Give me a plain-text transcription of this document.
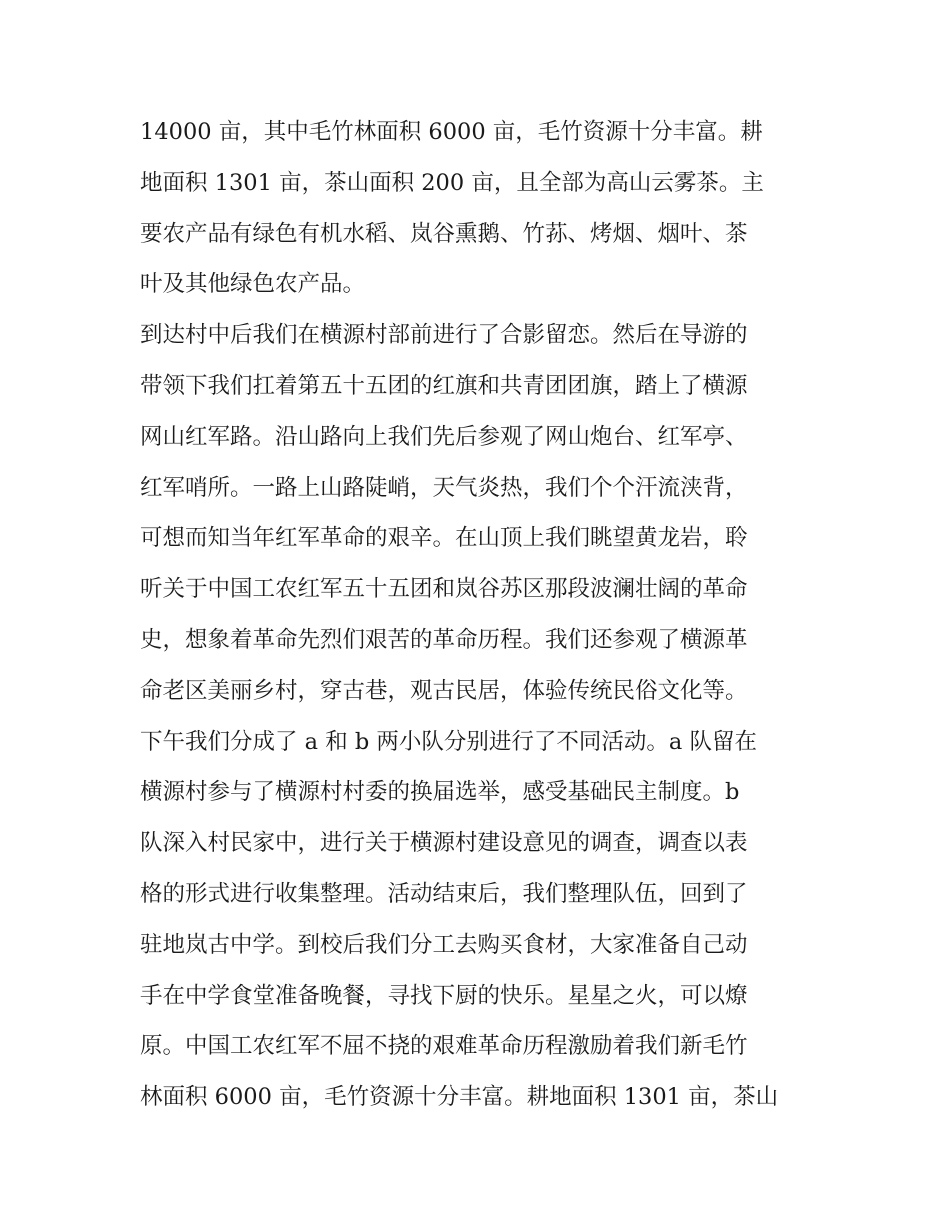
14000 亩，其中毛竹林面积 6000 亩，毛竹资源十分丰富。耕
地面积 1301 亩，茶山面积 200 亩，且全部为高山云雾茶。主
要农产品有绿色有机水稻、岚谷熏鹅、竹荪、烤烟、烟叶、茶
叶及其他绿色农产品。
到达村中后我们在横源村部前进行了合影留恋。然后在导游的
带领下我们扛着第五十五团的红旗和共青团团旗，踏上了横源
网山红军路。沿山路向上我们先后参观了网山炮台、红军亭、
红军哨所。一路上山路陡峭，天气炎热，我们个个汗流浃背，
可想而知当年红军革命的艰辛。在山顶上我们眺望黄龙岩，聆
听关于中国工农红军五十五团和岚谷苏区那段波澜壮阔的革命
史，想象着革命先烈们艰苦的革命历程。我们还参观了横源革
命老区美丽乡村，穿古巷，观古民居，体验传统民俗文化等。
下午我们分成了 a 和 b 两小队分别进行了不同活动。a 队留在
横源村参与了横源村村委的换届选举，感受基础民主制度。b
队深入村民家中，进行关于横源村建设意见的调查，调查以表
格的形式进行收集整理。活动结束后，我们整理队伍，回到了
驻地岚古中学。到校后我们分工去购买食材，大家准备自己动
手在中学食堂准备晚餐，寻找下厨的快乐。星星之火，可以燎
原。中国工农红军不屈不挠的艰难革命历程激励着我们新毛竹
林面积 6000 亩，毛竹资源十分丰富。耕地面积 1301 亩，茶山
